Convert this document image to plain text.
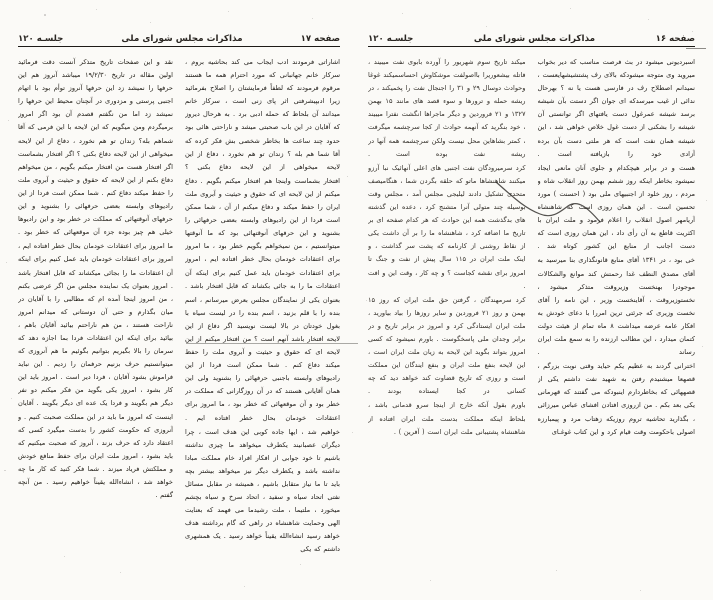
صفحه ۱۷
مذاکرات مجلس شورای ملی
جلسـه ۱۲۰

نقد و این صفحات تاریخ متذکر آنست دقت فرمائید اولین مقاله در تاریخ ۱۹/۲/۳۰ میباشد آنروز هم این حرفها را نمیشد زد این حرفها آنروز توأم بود با اتهام اجنبی پرستی و مزدوری در آنچنان محیط این حرفها را نمیشد زد اما من نگفتم قصدم آن بود اگر امروز برمیگردم ومن میگویم که این لایحه با این فرمی که آقا شماهم بله؟ زندان تو هم نخورد ، دفاع از این لایحه میخواهی از این لایحه دفاع بکنی ؟ اگر افتخار بشماست اگر افتخار هست من افتخار میکنم بگویم ، من میخواهم دفاع بکنم از این لایحه که حقوق و حیثیت و آبروی ملت را حفظ میکند دفاع کنم . شما ممکن است فردا از این رادیوهای وابسته بعضی حرفهائی را بشنوید و این حرفهای آنوقتهائی که مملکت در خطر بود و این رادیوها خیلی هم چیز بوده جزء آن موقعهائی که خطر بود .

ما امروز برای اعتقادات خودمان بحال خطر افتاده ایم ، امروز برای اعتقادات خودمان باید عمل کنیم برای اینکه آن اعتقادات ما را بجائی میکشاند که قابل افتخار باشد . امروز بعنوان یک نماینده مجلس من اگر عرضی بکنم ، من امروز اینجا آمده ام که مطالبی را با آقایان در میان بگذارم و حتی آن دوستانی که میدانم امروز ناراحت هستند ، من هم ناراحتم بیائید آقایان باهم ، بیائید برای اینکه این اعتقادات فردا بما اجازه دهد که سرمان را بالا بگیریم بتوانیم بگوئیم ما هم آنروزی که میتوانستیم حرف بزنیم حرفمان را زدیم . این نباید فراموش بشود آقایان ، فردا دیر است . امروز باید این کار بشود ، امروز یکی بگوید من فکر میکنم دو نفر دیگر هم بگویند و فردا یک عده ای دیگر بگویند . آقایان اینست که امروز ما باید در این مملکت صحبت کنیم . و آنروزی که حکومت کشور را بدست میگیرد کسی که اعتقاد دارد که حرف بزند ، آنروز که صحبت میکنیم که باید بشود ، امروز ملت ایران برای حفظ منافع خودش و مملکتش فریاد میزند . شما فکر کنید که کار ما چه خواهد شد ، انشاءالله یقیناً خواهیم رسید . من آنچه گفتم .

اشاراتی فرمودند ادب ایجاب می کند بحاشیه بروم ، سرکار خانم جهانبانی که مورد احترام همه ما هستند مرقوم فرمودند که لطفاً فرمایشتان را اصلاح بفرمائید زیرا ادبپیشرفتی اثر پای زنی است ، سرکار خانم میدانند آن بلحاظ که حمله ادبی برد . به هرحال دیروز که آقایان در این باب صحبتی میشد و ناراحتی هائی بود حدود چند ساعت ها بخاطر شخصی بش فکر کرده که آقا شما هم بله ؟ زندان تو هم نخورد ، دفاع از این لایحه میخواهی از این لایحه دفاع بکنی ؟

افتخار بشماست واینجا هم افتخار میکنم بگویم . دفاع میکنم از این لایحه ای که حقوق و حیثیت و آبروی ملت ایران را حفظ میکند و دفاع میکنم از آن ، شما ممکن است فردا از این رادیوهای وابسته بعضی حرفهائی را بشنوید و این حرفهای آنوقتهائی بود که ما آنوقتها میتوانستیم ، من نمیخواهم بگویم خطر بود ، ما امروز برای اعتقادات خودمان بحال خطر افتاده ایم ، امروز برای اعتقادات خودمان باید عمل کنیم برای اینکه آن اعتقادات ما را به جائی بکشاند که قابل افتخار باشد .

بعنوان یکی از نمایندگان مجلس بعرض میرسانم ، اسم بنده را با قلم بزنید ، اسم بنده را در لیست سیاه با بغول خودتان در بالا لیست نویسید اگر دفاع از این لایحه افتخار باشد آنهم است ؟ من افتخار میکنم از این لایحه ای که حقوق و حیثیت و آبروی ملت را حفظ میکند دفاع کنم . شما ممکن است فردا از این رادیوهای وابسته باجنبی حرفهائی را بشنوید ولی این همان آقایانی هستند که در آن روزگارانی که مملکت در خطر بود و آن موقعهائی که خطر بود ، ما امروز برای اعتقادات خودمان بحال خطر افتاده ایم .

خواهیم شد ، ایها جاده کوبی این هدف است ، چرا دیگران عصبانیند یکطرف میخواهد ما چیزی نداشته باشیم تا خود جوابی از افکار افراد خام مملکت مبادا نداشته باشد و یکطرف دیگر نیز میخواهد بیشتر بچه باید تا ما نیاز متقابل باشیم ، همیشه در مقابل مسائل نفتی اتحاد سیاه و سفید ، اتحاد سرخ و سیاه بچشم میخورد ، ملتیما ، ملت رشیدما می فهمد که بعنایت الهی وحمایت شاهنشاه در راهی که گام برداشته هدف خواهد رسید انشاءالله یقیناً خواهد رسید . یک همشهری داشتم که یکی

صفحه ۱۶
مذاکرات مجلس شورای ملی
جلسـه ۱۲۰

میکند تاریخ سوم شهریور را آورده بابوی نفت میبیند ، فاتله بیشعوریرا بااصولفت موشکاوش احساسمیکند غوغا وحوادث دوسال ۲۹ و ۳۱ را اجنجال نفت را پخمیکند ، در ریشه حمله و ترورها و سوء قصد های مانند ۱۵ بهمن ۱۳۲۷ و ۲۱ فروردین و دیگر ماجراها انگشت نفترا میبیند ، خود بنگرید که آنهمه حوادث از کجا سرچشمه میگرفت ، کمتر بشاهاین محل نیست ولکن سرچشمه همه آنها در ریشه نفت بوده است .

کرد سرمیرودگان نفت اجنبی های اعلی آنهائیک نبا آرزو میکنند شاهنشاها ماتو که حلقه بگردن شما ، هنگامیصف متحدی تشکیل دادند لیلیجی مجلس آمد ، مجلس وقت بوسیله چند متولی آنرا متشنج کرد ، دعده این گذشته های بدگذشت همه این حوادث که هر کدام صفحه ای بر تاریخ ما اضافه کرد ، شاهنشاه ما را بر آن داشت یکی از نقاط روشنی از کارنامه که پشت سر گذاشت ، و اینک ملت ایران در ۱۱۵ سال پیش از نفت و جنگ تا امروز برای نقشه کجاست ؟ و چه کار ، وقت این و افت .

کرد سرمهندگان ، گرفتن حق ملت ایران که روز ۱۵ بهمن و روز ۲۱ فروردین و سایر روزها را بیاد بیاورید ، ملت ایران ایستادگی کرد و امروز در برابر تاریخ و در برابر وجدان ملی پاسخگوست . باورم نمیشود که کسی امروز بتواند بگوید این لایحه به زیان ملت ایران است ، این لایحه بنفع ملت ایران و بنفع ایندگان این مملکت است و روزی که تاریخ قضاوت کند خواهد دید که چه کسانی در کجا ایستاده بودند .

باورم بقول آنکه خارج از اینجا سرو قدمانی باشد ، بلحاظ اینکه مملکت بدست ملت ایران افتاده از شاهنشاه پشتیبانی ملت ایران است ( آفرین ) .

اسبردیونی میشود در بث فرصت مناسب که دیر بخواب میروید وی متوجه میشودکه بالای رف پشتشیشهایعست ، نمیدانم اصطلاح رف در فارسی هست یا نه ؟ بهرحال ندائی از غیب میرسدکه ای جوان اگر دستت بآن شیشه برسد شیشه عمرغول دست یافتهای اگر توانستی آن شیشه را بشکنی از دست غول خلاص خواهی شد ، این شیشه همان نفت است که هر ملتی دست بآن برده آزادی خود را بازیافته است .

هست و در برابر هیچکدام و جلوی آنان مانعی ایجاد نمیشود بخاطر اینکه روز ششم بهمن روز انقلاب شاه و مردم ، روز خلود از اجنبیهای ملی بود ( احسنت ) مورد تحسین است . این همان روزی است که شاهنشاه آریامهر اصول انقلاب را اعلام فرمود و ملت ایران با اکثریت قاطع به آن رأی داد ، این همان روزی است که دست اجانب از منابع این کشور کوتاه شد .

خی بود ، در ۱۳۴۱ آقای منابع قانونگذاری بنا میرسید به آقای مصدق النطف غدا رحمتش کند موانع والشکالات موجودرا بهنخست وزیروقت متذکر میشود ، نخستوزیروقت ، آقاینخست وزیر ، این نامه را آقای نخست وزیری که جرئتی ترین امررا با دعای خودش به افکار عامه عرضه میداشت ۸ ماه تمام از هیئت دولت کتمان میدارد ، این مطالب ارزنده را به سمع ملت ایران رساند .

اخترانی گردند به عظیم یکم حیاید وقتی نوبت بزرگم ، قصهعا میشنیدم رفتن به شهید نفت داشتم یکی از قصههائی که بخاطردارم اینبودکه می گفتند که قهرمانی یکی بعد بکم . من ازروزی افتادن افشای عباس میرزائی ، بگذارید تحاشیه تروم روزیکه زهتاب مرد و پیمبارزه اصولی باحکومت وقت قیام کرد و این کتاب غوغـای
